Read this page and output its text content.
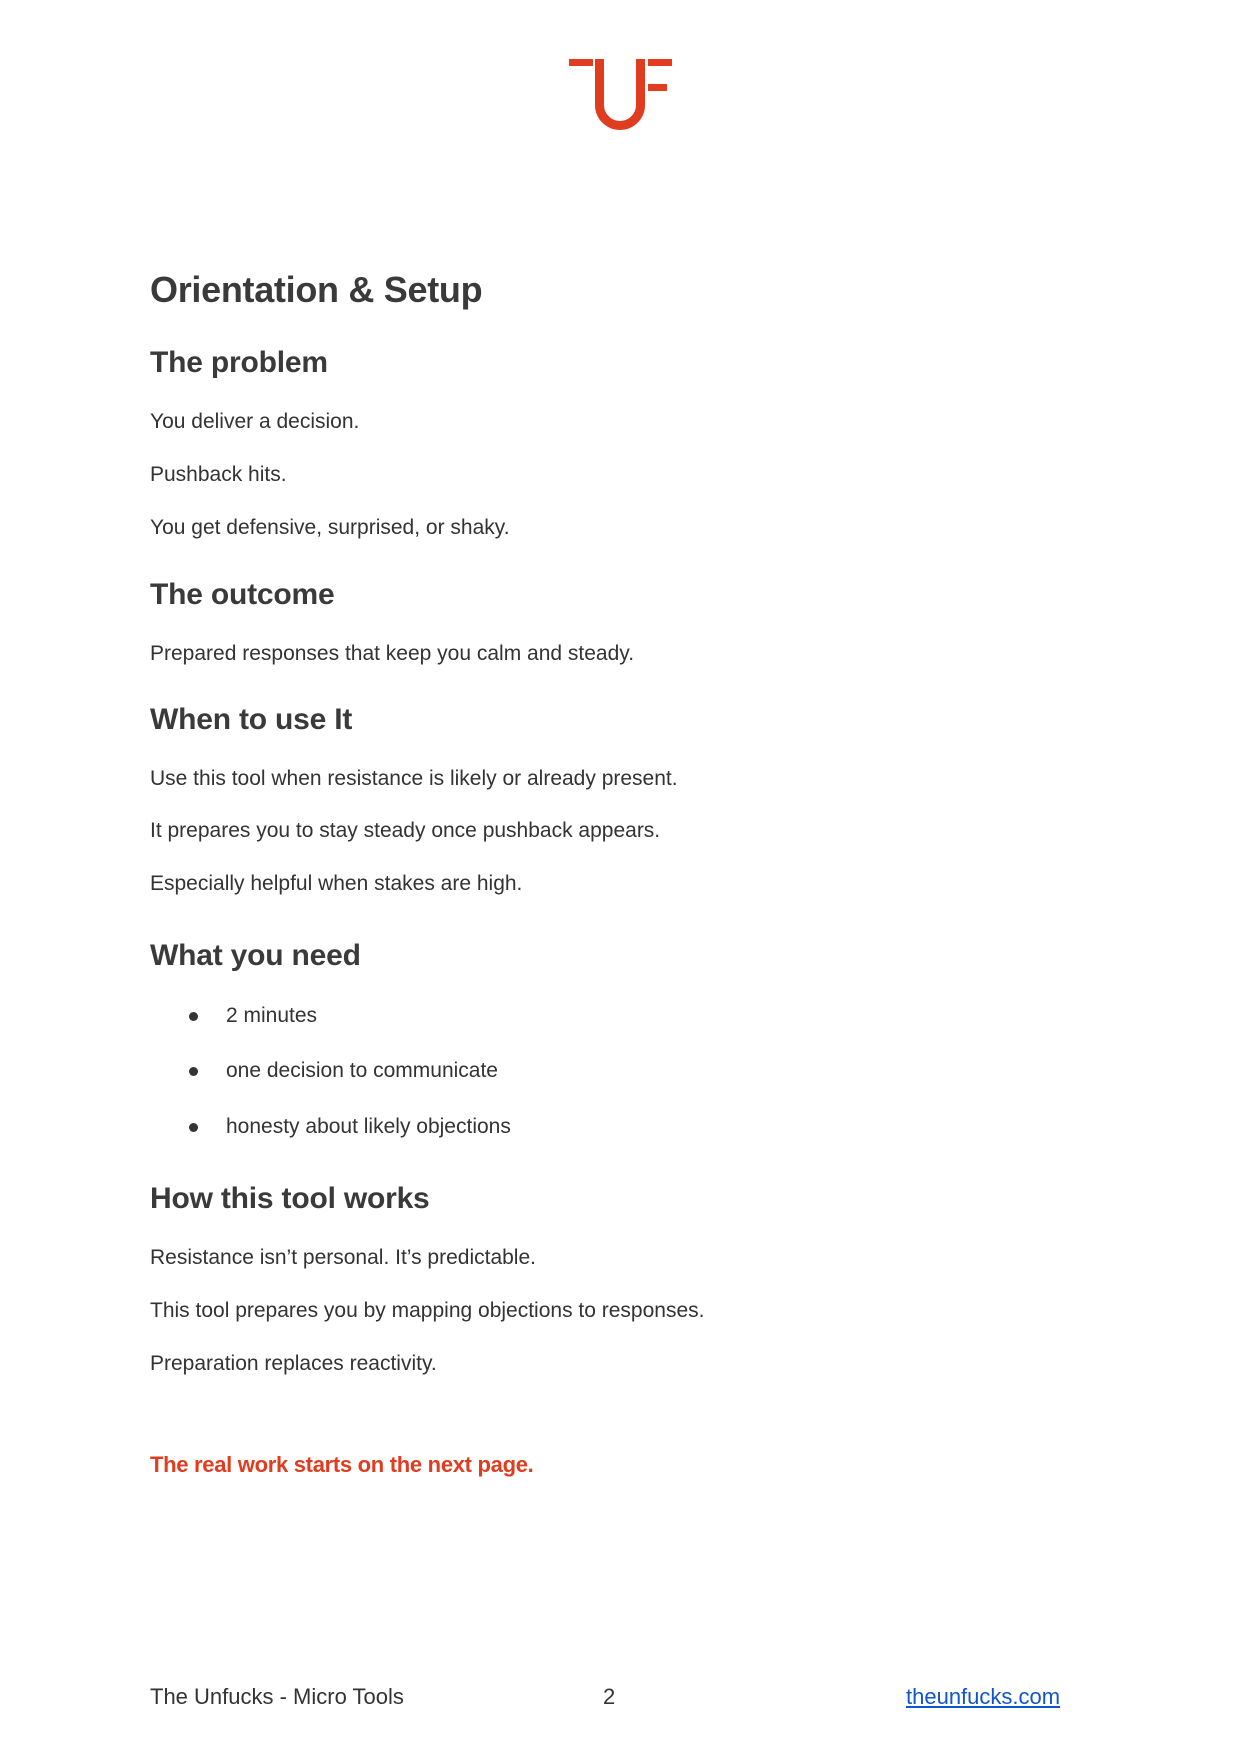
Orientation & Setup
The problem
You deliver a decision.
Pushback hits.
You get defensive, surprised, or shaky.
The outcome
Prepared responses that keep you calm and steady.
When to use It
Use this tool when resistance is likely or already present.
It prepares you to stay steady once pushback appears.
Especially helpful when stakes are high.
What you need
2 minutes
one decision to communicate
honesty about likely objections
How this tool works
Resistance isn’t personal. It’s predictable.
This tool prepares you by mapping objections to responses.
Preparation replaces reactivity.
The real work starts on the next page.
The Unfucks - Micro Tools	2	theunfucks.com
